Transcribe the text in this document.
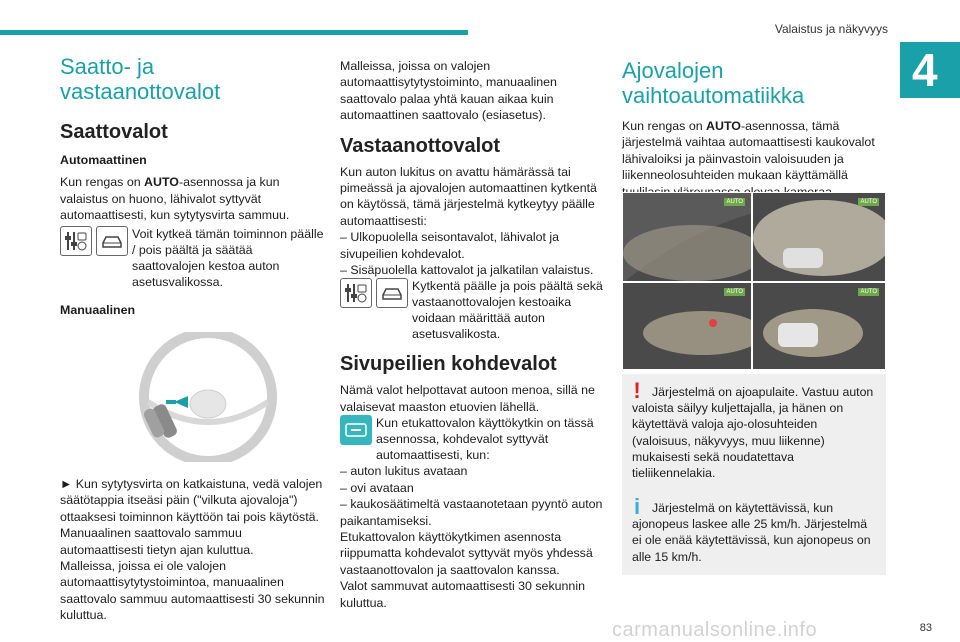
Valaistus ja näkyvyys
4
Saatto- ja vastaanottovalot
Saattovalot
Automaattinen

Kun rengas on AUTO-asennossa ja kun valaistus on huono, lähivalot syttyvät automaattisesti, kun sytytysvirta sammuu.

Voit kytkeä tämän toiminnon päälle / pois päältä ja säätää saattovalojen kestoa auton asetusvalikossa.

Manuaalinen

► Kun sytytysvirta on katkaistuna, vedä valojen säätötappia itseäsi päin ("vilkuta ajovaloja") ottaaksesi toiminnon käyttöön tai pois käytöstä.

Manuaalinen saattovalo sammuu automaattisesti tietyn ajan kuluttua.

Malleissa, joissa ei ole valojen automaattisytytystoimintoa, manuaalinen saattovalo sammuu automaattisesti 30 sekunnin kuluttua.

Malleissa, joissa on valojen automaattisytytystoiminto, manuaalinen saattovalo palaa yhtä kauan aikaa kuin automaattinen saattovalo (esiasetus).

Vastaanottovalot

Kun auton lukitus on avattu hämärässä tai pimeässä ja ajovalojen automaattinen kytkentä on käytössä, tämä järjestelmä kytkeytyy päälle automaattisesti:

– Ulkopuolella seisontavalot, lähivalot ja sivupeilien kohdevalot.

– Sisäpuolella kattovalot ja jalkatilan valaistus.

Kytkentä päälle ja pois päältä sekä vastaanottovalojen kestoaika voidaan määrittää auton asetusvalikosta.

Sivupeilien kohdevalot

Nämä valot helpottavat autoon menoa, sillä ne valaisevat maaston etuovien lähellä.

Kun etukattovalon käyttökytkin on tässä asennossa, kohdevalot syttyvät automaattisesti, kun:

– auton lukitus avataan

– ovi avataan

– kaukosäätimeltä vastaanotetaan pyyntö auton paikantamiseksi.

Etukattovalon käyttökytkimen asennosta riippumatta kohdevalot syttyvät myös yhdessä vastaanottovalon ja saattovalon kanssa.

Valot sammuvat automaattisesti 30 sekunnin kuluttua.

Ajovalojen vaihtoautomatiikka

Kun rengas on AUTO-asennossa, tämä järjestelmä vaihtaa automaattisesti kaukovalot lähivaloiksi ja päinvastoin valoisuuden ja liikenneolosuhteiden mukaan käyttämällä

AUTO	AUTO
AUTO	AUTO
! Järjestelmä on ajoapulaite. Vastuu auton valoista säilyy kuljettajalla, ja hänen on käytettävä valoja ajo-olosuhteiden (valoisuus, näkyvyys, muu liikenne) mukaisesti sekä noudatettava tieliikennelakia.

i Järjestelmä on käytettävissä, kun ajonopeus laskee alle 25 km/h. Järjestelmä ei ole enää käytettävissä, kun ajonopeus on alle 15 km/h.

carmanualsonline.info	83
